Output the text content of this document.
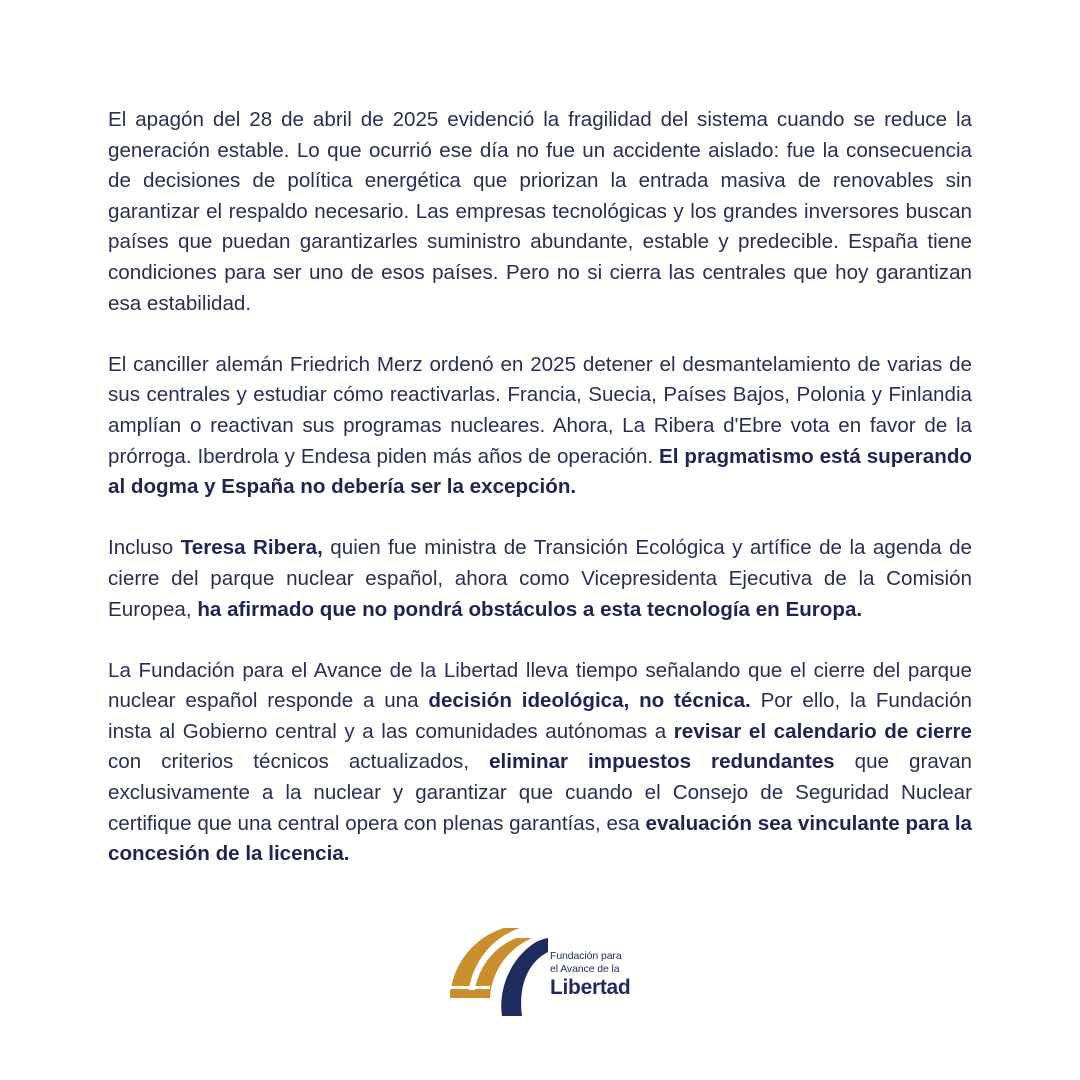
El apagón del 28 de abril de 2025 evidenció la fragilidad del sistema cuando se reduce la generación estable. Lo que ocurrió ese día no fue un accidente aislado: fue la consecuencia de decisiones de política energética que priorizan la entrada masiva de renovables sin garantizar el respaldo necesario. Las empresas tecnológicas y los grandes inversores buscan países que puedan garantizarles suministro abundante, estable y predecible. España tiene condiciones para ser uno de esos países. Pero no si cierra las centrales que hoy garantizan esa estabilidad.

El canciller alemán Friedrich Merz ordenó en 2025 detener el desmantelamiento de varias de sus centrales y estudiar cómo reactivarlas. Francia, Suecia, Países Bajos, Polonia y Finlandia amplían o reactivan sus programas nucleares. Ahora, La Ribera d'Ebre vota en favor de la prórroga. Iberdrola y Endesa piden más años de operación. El pragmatismo está superando al dogma y España no debería ser la excepción.

Incluso Teresa Ribera, quien fue ministra de Transición Ecológica y artífice de la agenda de cierre del parque nuclear español, ahora como Vicepresidenta Ejecutiva de la Comisión Europea, ha afirmado que no pondrá obstáculos a esta tecnología en Europa.

La Fundación para el Avance de la Libertad lleva tiempo señalando que el cierre del parque nuclear español responde a una decisión ideológica, no técnica. Por ello, la Fundación insta al Gobierno central y a las comunidades autónomas a revisar el calendario de cierre con criterios técnicos actualizados, eliminar impuestos redundantes que gravan exclusivamente a la nuclear y garantizar que cuando el Consejo de Seguridad Nuclear certifique que una central opera con plenas garantías, esa evaluación sea vinculante para la concesión de la licencia.

Fundación para
el Avance de la
Libertad
